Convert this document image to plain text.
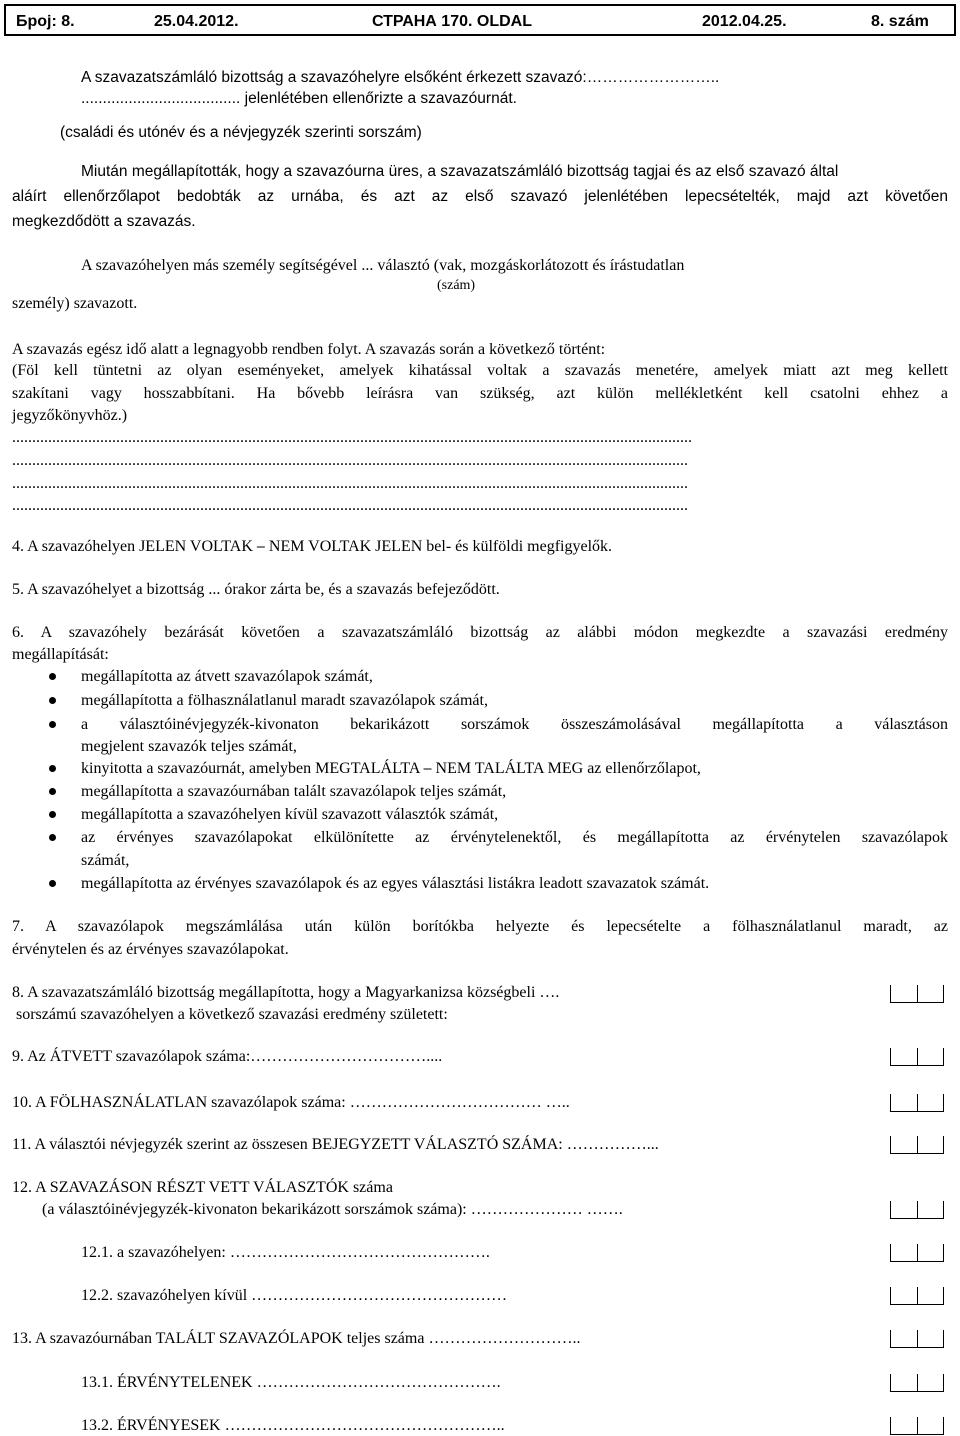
Број: 8.	25.04.2012.	СТРАНА 170. OLDAL	2012.04.25.	8. szám
A szavazatszámláló bizottság a szavazóhelyre elsőként érkezett szavazó:……………………..
..................................... jelenlétében ellenőrizte a szavazóurnát.
(családi és utónév és a névjegyzék szerinti sorszám)
Miután megállapították, hogy a szavazóurna üres, a szavazatszámláló bizottság tagjai és az első szavazó által
aláírt ellenőrzőlapot bedobták az urnába, és azt az első szavazó jelenlétében lepecsételték, majd azt követően
megkezdődött a szavazás.
A szavazóhelyen más személy segítségével ... választó (vak, mozgáskorlátozott és írástudatlan
(szám)
személy) szavazott.
A szavazás egész idő alatt a legnagyobb rendben folyt. A szavazás során a következő történt:
(Föl kell tüntetni az olyan eseményeket, amelyek kihatással voltak a szavazás menetére, amelyek miatt azt meg kellett
szakítani vagy hosszabbítani. Ha bővebb leírásra van szükség, azt külön mellékletként kell csatolni ehhez a
jegyzőkönyvhöz.)
..........................................................................................................................................................................
.........................................................................................................................................................................
.........................................................................................................................................................................
.........................................................................................................................................................................
4. A szavazóhelyen JELEN VOLTAK ⎯ NEM VOLTAK JELEN bel- és külföldi megfigyelők.
5. A szavazóhelyet a bizottság ... órakor zárta be, és a szavazás befejeződött.
6. A szavazóhely bezárását követően a szavazatszámláló bizottság az alábbi módon megkezdte a szavazási eredmény
megállapítását:
megállapította az átvett szavazólapok számát,
megállapította a fölhasználatlanul maradt szavazólapok számát,
a választóinévjegyzék-kivonaton bekarikázott sorszámok összeszámolásával megállapította a választáson
megjelent szavazók teljes számát,
kinyitotta a szavazóurnát, amelyben MEGTALÁLTA ⎯ NEM TALÁLTA MEG az ellenőrzőlapot,
megállapította a szavazóurnában talált szavazólapok teljes számát,
megállapította a szavazóhelyen kívül szavazott választók számát,
az érvényes szavazólapokat elkülönítette az érvénytelenektől, és megállapította az érvénytelen szavazólapok
számát,
megállapította az érvényes szavazólapok és az egyes választási listákra leadott szavazatok számát.
7. A szavazólapok megszámlálása után külön borítókba helyezte és lepecsételte a fölhasználatlanul maradt, az
érvénytelen és az érvényes szavazólapokat.
8. A szavazatszámláló bizottság megállapította, hogy a Magyarkanizsa községbeli ….
sorszámú szavazóhelyen a következő szavazási eredmény született:
9. Az ÁTVETT szavazólapok száma:……………………………....
10. A FÖLHASZNÁLATLAN szavazólapok száma: ……………………………… …..
11. A választói névjegyzék szerint az összesen BEJEGYZETT VÁLASZTÓ SZÁMA: ……………...
12. A SZAVAZÁSON RÉSZT VETT VÁLASZTÓK száma
(a választóinévjegyzék-kivonaton bekarikázott sorszámok száma): ………………… …….
12.1. a szavazóhelyen: ………………………………………….
12.2. szavazóhelyen kívül …………………………………………
13. A szavazóurnában TALÁLT SZAVAZÓLAPOK teljes száma ………………………..
13.1. ÉRVÉNYTELENEK ……………………………………….
13.2. ÉRVÉNYESEK ……………………………………………..
